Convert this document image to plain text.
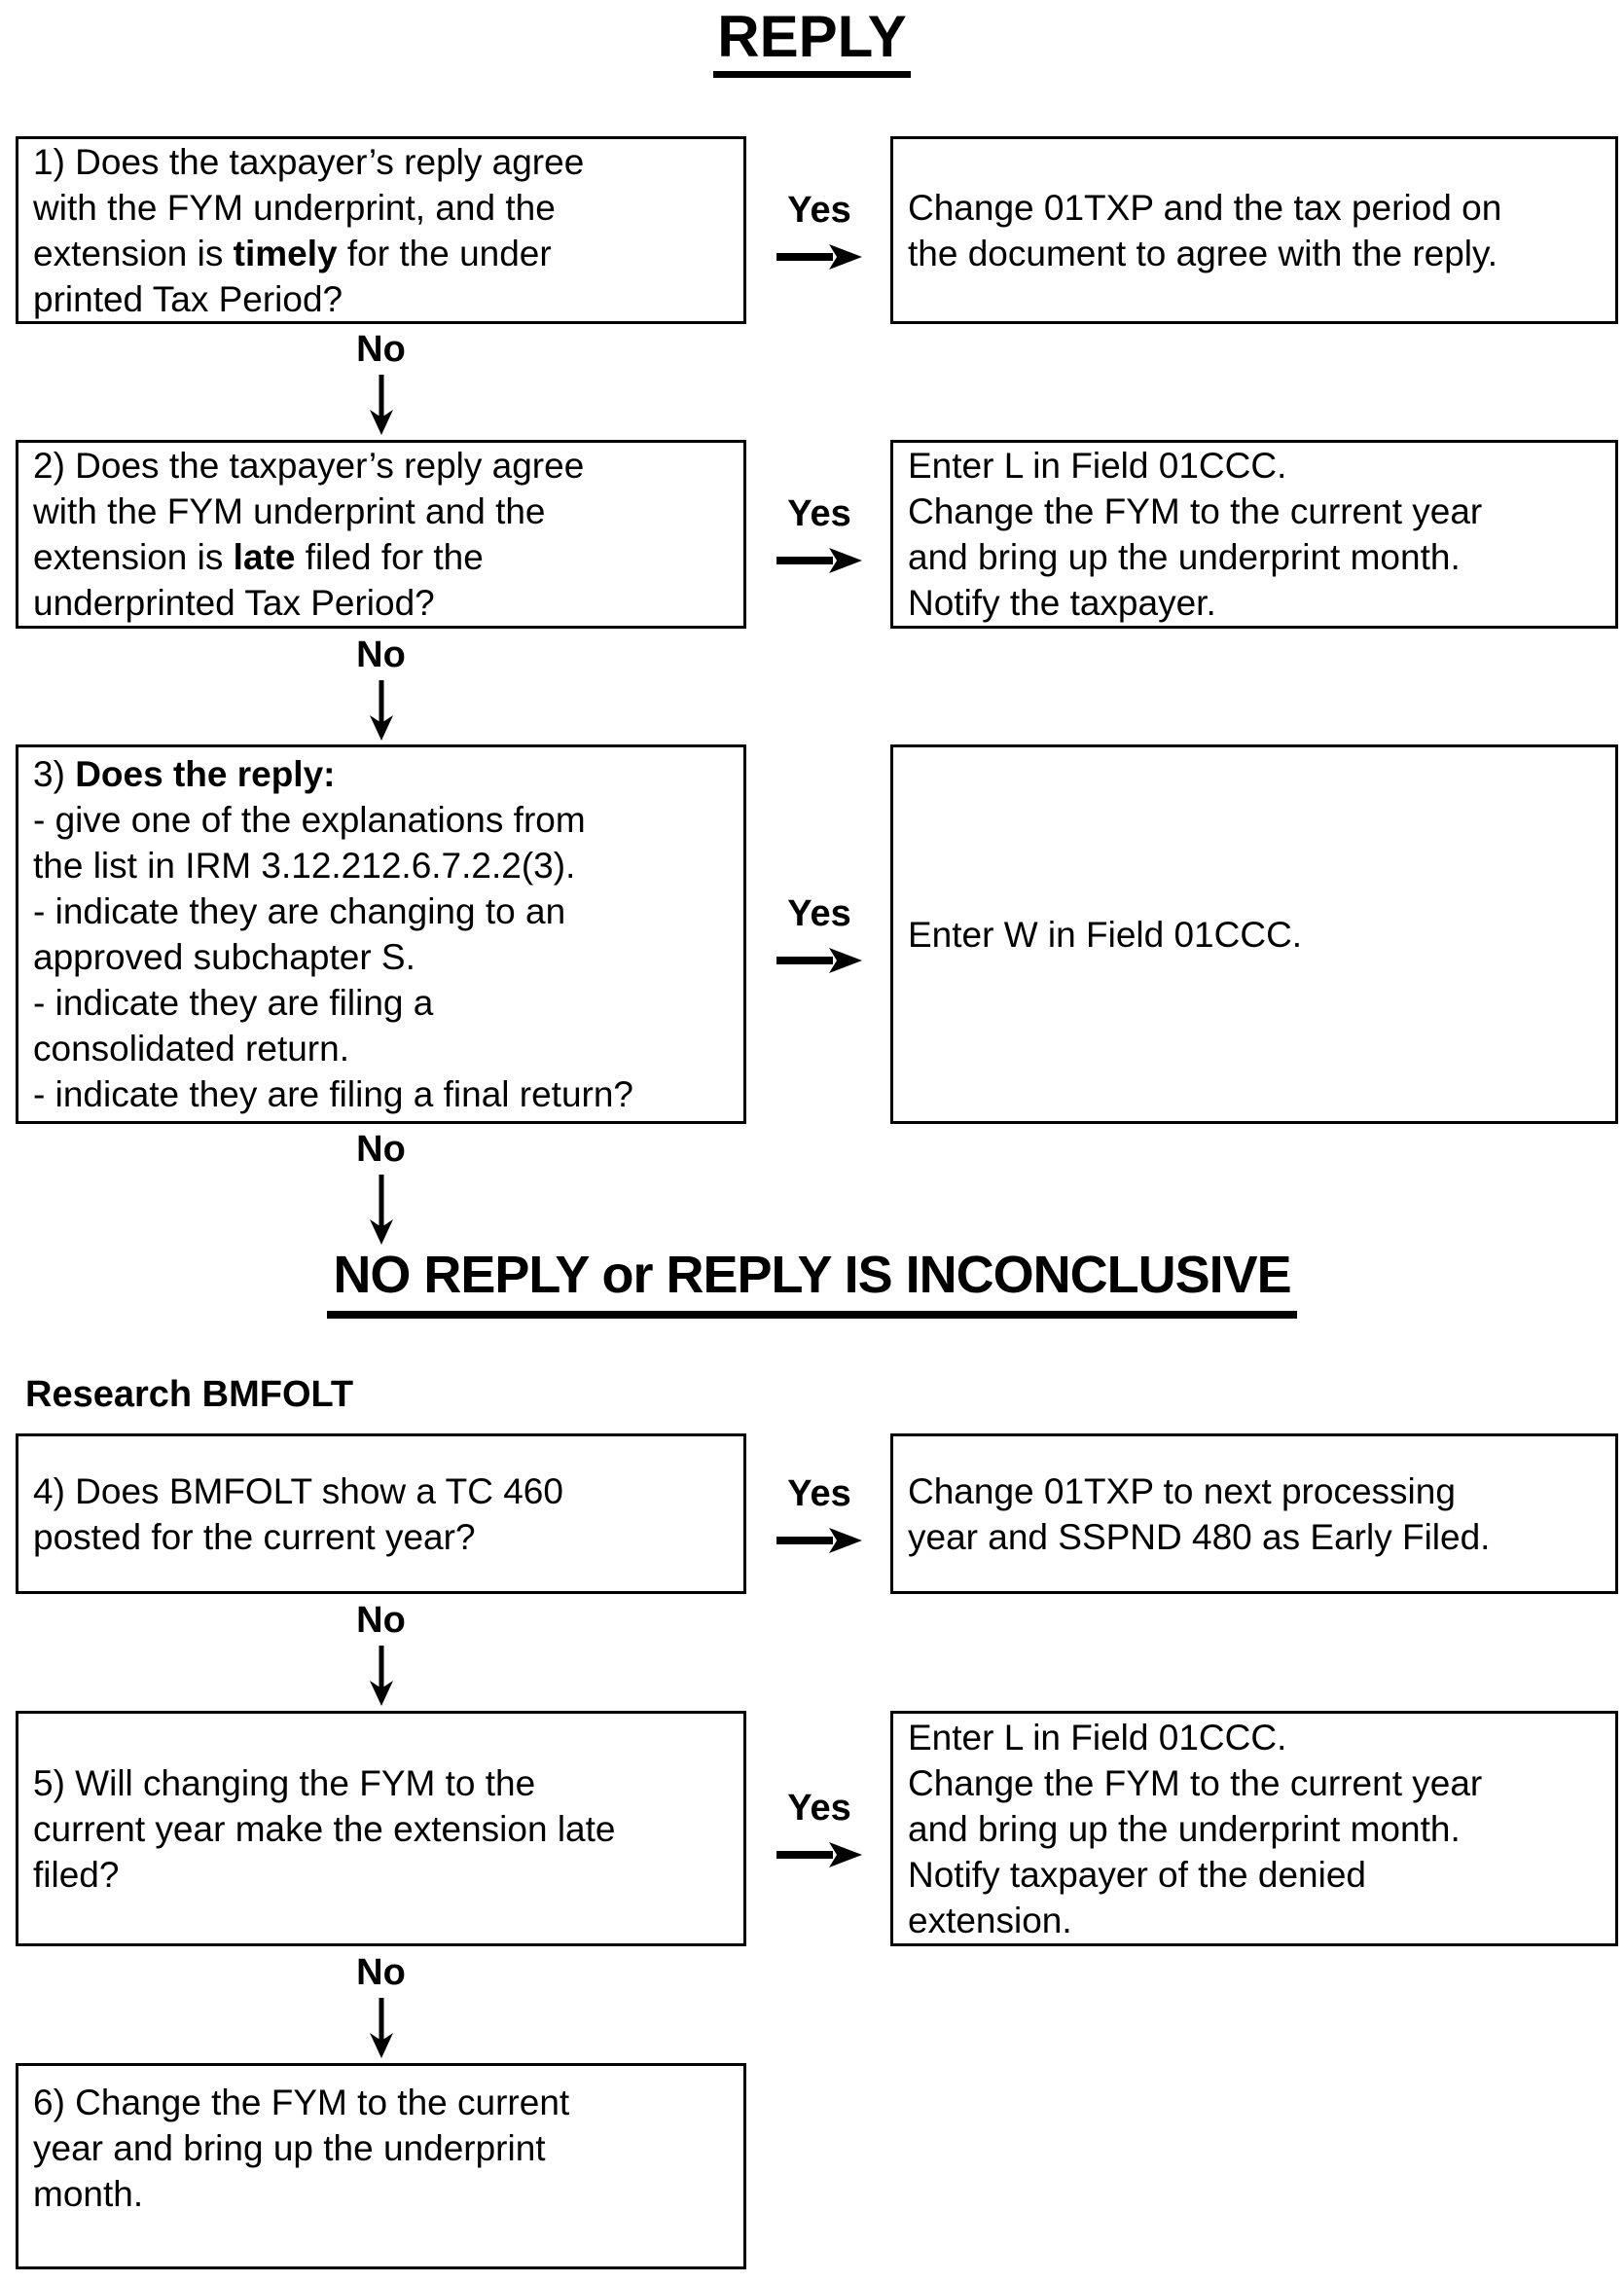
REPLY
1) Does the taxpayer’s reply agree
with the FYM underprint, and the
extension is timely for the under
printed Tax Period?
Yes Change 01TXP and the tax period on
the document to agree with the reply.
No
2) Does the taxpayer’s reply agree
with the FYM underprint and the
extension is late filed for the
underprinted Tax Period?
Yes
Enter L in Field 01CCC.
Change the FYM to the current year
and bring up the underprint month.
Notify the taxpayer.
No
3) Does the reply:
- give one of the explanations from
the list in IRM 3.12.212.6.7.2.2(3).
- indicate they are changing to an
approved subchapter S.
- indicate they are filing a
consolidated return.
- indicate they are filing a final return?
Yes Enter W in Field 01CCC.
No
NO REPLY or REPLY IS INCONCLUSIVE
Research BMFOLT
4) Does BMFOLT show a TC 460
posted for the current year?
Yes Change 01TXP to next processing
year and SSPND 480 as Early Filed.
No
5) Will changing the FYM to the
current year make the extension late
filed?
Yes
Enter L in Field 01CCC.
Change the FYM to the current year
and bring up the underprint month.
Notify taxpayer of the denied
extension.
No
6) Change the FYM to the current
year and bring up the underprint
month.
